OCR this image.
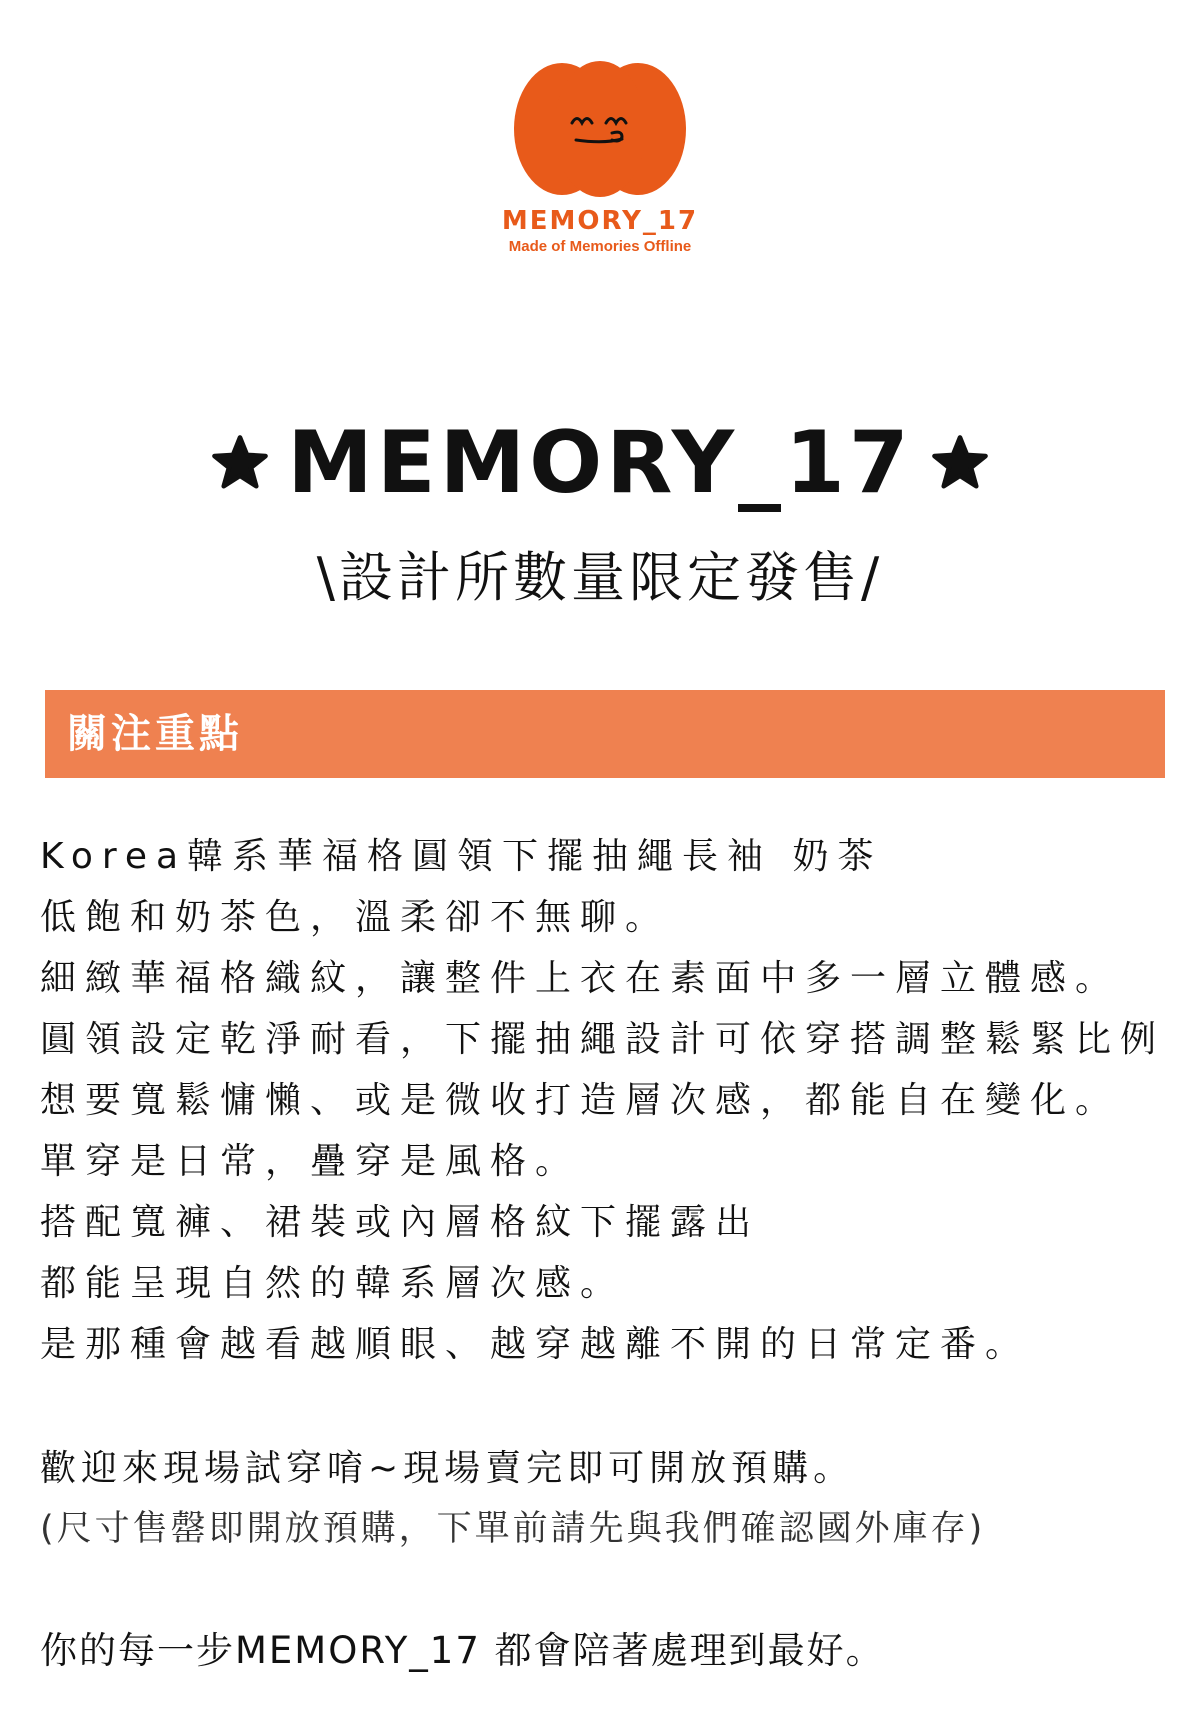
MEMORY_17
Made of Memories Offline
MEMORY_17
\設計所數量限定發售/
關注重點
Korea韓系華福格圓領下擺抽繩長袖 奶茶
低飽和奶茶色，溫柔卻不無聊。
細緻華福格織紋，讓整件上衣在素面中多一層立體感。
圓領設定乾淨耐看，下擺抽繩設計可依穿搭調整鬆緊比例
想要寬鬆慵懶、或是微收打造層次感，都能自在變化。
單穿是日常，疊穿是風格。
搭配寬褲、裙裝或內層格紋下擺露出
都能呈現自然的韓系層次感。
是那種會越看越順眼、越穿越離不開的日常定番。
歡迎來現場試穿唷~現場賣完即可開放預購。
(尺寸售罄即開放預購，下單前請先與我們確認國外庫存)
你的每一步MEMORY_17 都會陪著處理到最好。
